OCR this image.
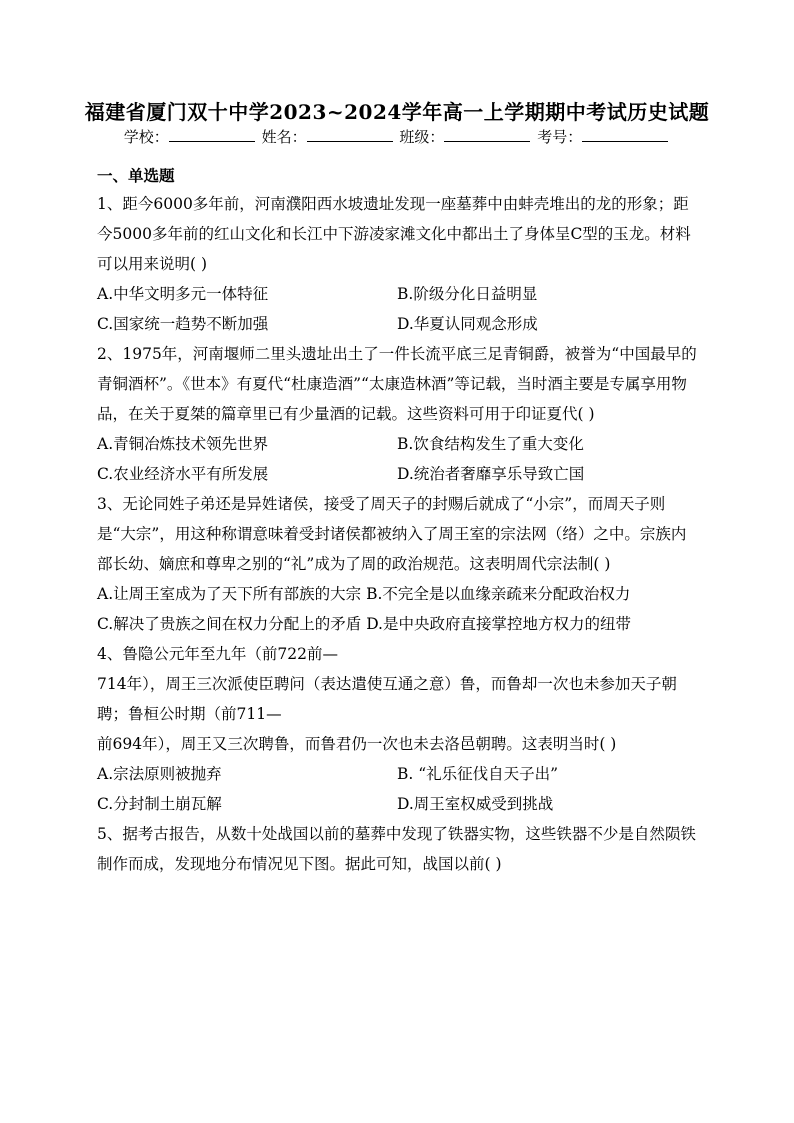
福建省厦门双十中学2023~2024学年高一上学期期中考试历史试题
学校：	姓名：	班级：	考号：
一、单选题
1、距今6000多年前，河南濮阳西水坡遗址发现一座墓葬中由蚌壳堆出的龙的形象；距今5000多年前的红山文化和长江中下游凌家滩文化中都出土了身体呈C型的玉龙。材料可以用来说明( )
A.中华文明多元一体特征	B.阶级分化日益明显
C.国家统一趋势不断加强	D.华夏认同观念形成
2、1975年，河南堰师二里头遗址出土了一件长流平底三足青铜爵，被誉为“中国最早的青铜酒杯”。《世本》有夏代“杜康造酒”“太康造林酒”等记载，当时酒主要是专属享用物品，在关于夏桀的篇章里已有少量酒的记载。这些资料可用于印证夏代( )
A.青铜冶炼技术领先世界	B.饮食结构发生了重大变化
C.农业经济水平有所发展	D.统治者奢靡享乐导致亡国
3、无论同姓子弟还是异姓诸侯，接受了周天子的封赐后就成了“小宗”，而周天子则是“大宗”，用这种称谓意味着受封诸侯都被纳入了周王室的宗法网（络）之中。宗族内部长幼、嫡庶和尊卑之别的“礼”成为了周的政治规范。这表明周代宗法制( )
A.让周王室成为了天下所有部族的大宗 B.不完全是以血缘亲疏来分配政治权力
C.解决了贵族之间在权力分配上的矛盾 D.是中央政府直接掌控地方权力的纽带
4、鲁隐公元年至九年（前722前—
714年），周王三次派使臣聘问（表达遣使互通之意）鲁，而鲁却一次也未参加天子朝聘；鲁桓公时期（前711—
前694年），周王又三次聘鲁，而鲁君仍一次也未去洛邑朝聘。这表明当时( )
A.宗法原则被抛弃	B. “礼乐征伐自天子出”
C.分封制土崩瓦解	D.周王室权威受到挑战
5、据考古报告，从数十处战国以前的墓葬中发现了铁器实物，这些铁器不少是自然陨铁制作而成，发现地分布情况见下图。据此可知，战国以前( )
